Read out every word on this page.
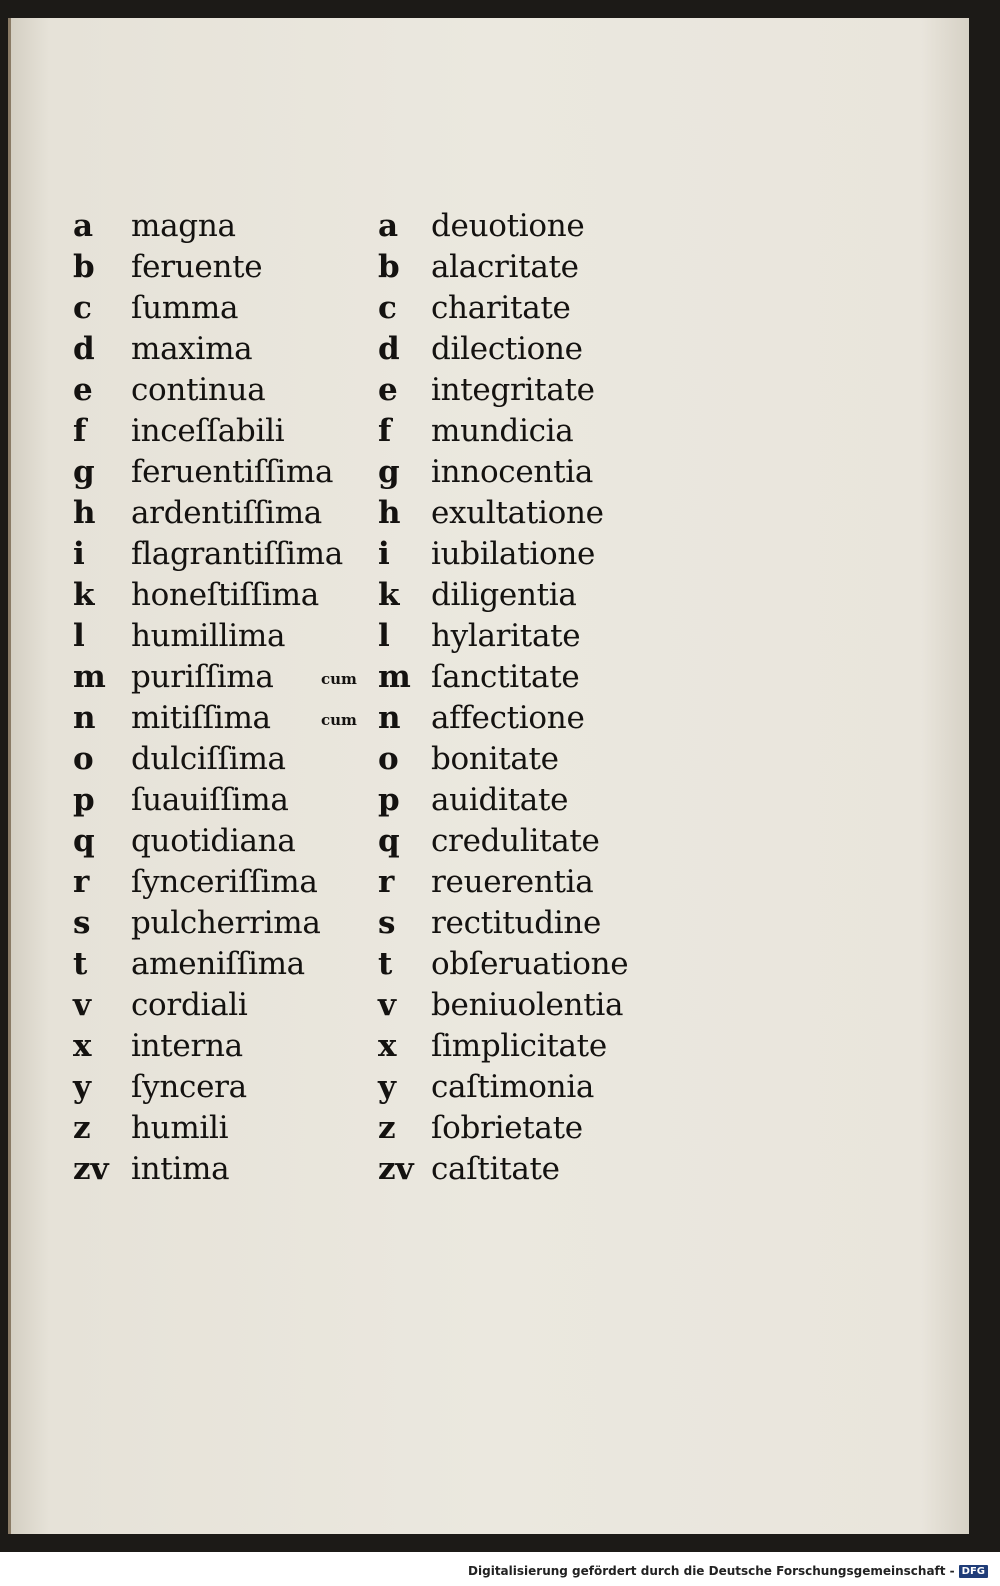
a magna
b feruente
c ſumma
d maxima
e continua
f inceſſabili
g feruentiſſima
h ardentiſſima
i flagrantiſſima
k honeſtiſſima
l humillima
m puriſſima
n mitiſſima
o dulciſſima
p ſuauiſſima
q quotidiana
r ſynceriſſima
s pulcherrima
t ameniſſima
v cordiali
x interna
y ſyncera
z humili
zv intima
a deuotione
b alacritate
c charitate
d dilectione
e integritate
f mundicia
g innocentia
h exultatione
i iubilatione
k diligentia
l hylaritate
cum m ſanctitate
cum n affectione
o bonitate
p auiditate
q credulitate
r reuerentia
s rectitudine
t obſeruatione
v beniuolentia
x ſimplicitate
y caſtimonia
z ſobrietate
zv caſtitate
Digitalisierung gefördert durch die Deutsche Forschungsgemeinschaft - DFG
